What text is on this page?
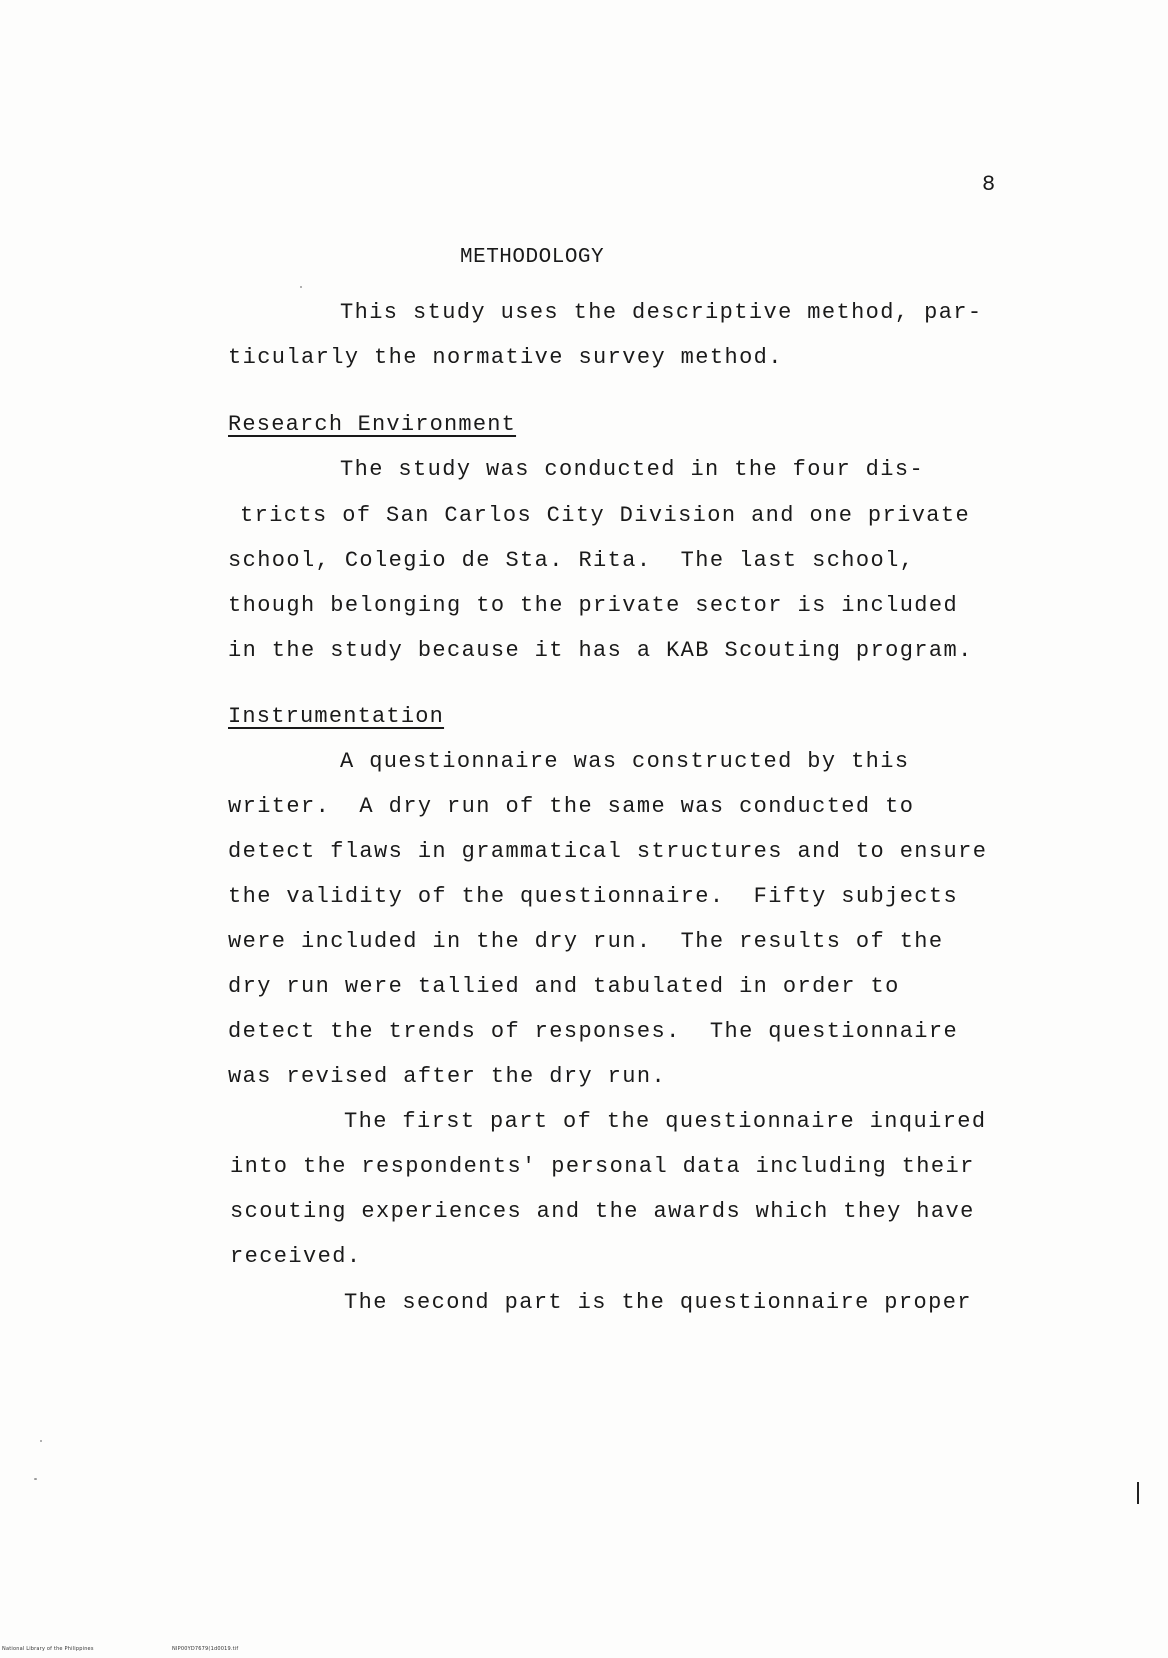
8
METHODOLOGY
This study uses the descriptive method, par-
ticularly the normative survey method.
Research Environment
The study was conducted in the four dis-
tricts of San Carlos City Division and one private
school, Colegio de Sta. Rita.  The last school,
though belonging to the private sector is included
in the study because it has a KAB Scouting program.
Instrumentation
A questionnaire was constructed by this
writer.  A dry run of the same was conducted to
detect flaws in grammatical structures and to ensure
the validity of the questionnaire.  Fifty subjects
were included in the dry run.  The results of the
dry run were tallied and tabulated in order to
detect the trends of responses.  The questionnaire
was revised after the dry run.
The first part of the questionnaire inquired
into the respondents' personal data including their
scouting experiences and the awards which they have
received.
The second part is the questionnaire proper
National Library of the Philippines	NIP00YD7679(1d0019.tif
